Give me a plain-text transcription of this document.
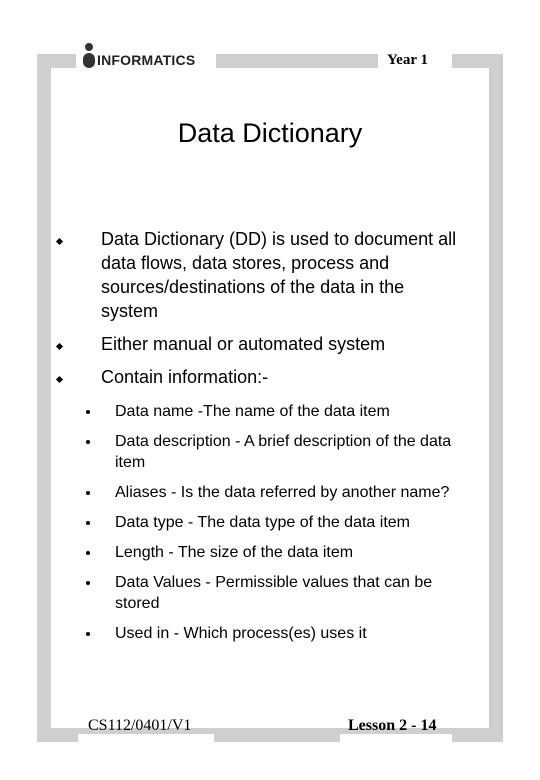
INFORMATICS	Year 1
Data Dictionary
Data Dictionary (DD) is used to document all data flows, data stores, process and sources/destinations of the data in the system
Either manual or automated system
Contain information:-
Data name -The name of the data item
Data description - A brief description of the data item
Aliases - Is the data referred by another name?
Data type - The data type of the data item
Length - The size of the data item
Data Values - Permissible values that can be stored
Used in - Which process(es) uses it
CS112/0401/V1	Lesson 2 - 14
